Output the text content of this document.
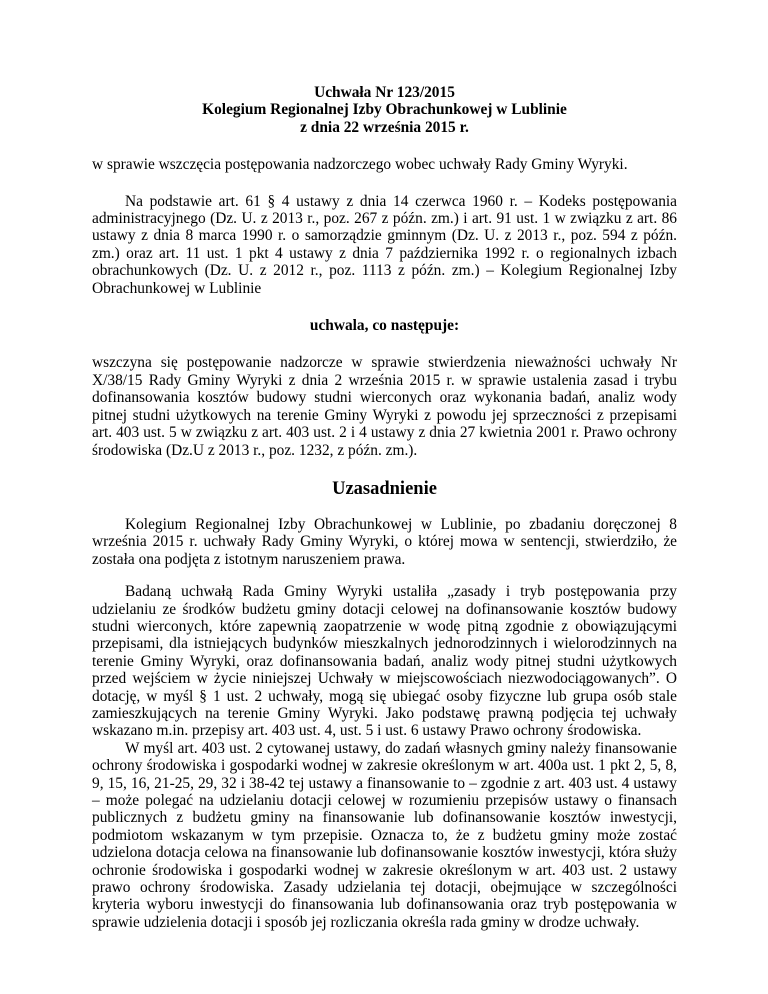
Uchwała Nr 123/2015
Kolegium Regionalnej Izby Obrachunkowej w Lublinie
z dnia 22 września 2015 r.

w sprawie wszczęcia postępowania nadzorczego wobec uchwały Rady Gminy Wyryki.

Na podstawie art. 61 § 4 ustawy z dnia 14 czerwca 1960 r. – Kodeks postępowania administracyjnego (Dz. U. z 2013 r., poz. 267 z późn. zm.) i art. 91 ust. 1 w związku z art. 86 ustawy z dnia 8 marca 1990 r. o samorządzie gminnym (Dz. U. z 2013 r., poz. 594 z późn. zm.) oraz art. 11 ust. 1 pkt 4 ustawy z dnia 7 października 1992 r. o regionalnych izbach obrachunkowych (Dz. U. z 2012 r., poz. 1113 z późn. zm.) – Kolegium Regionalnej Izby Obrachunkowej w Lublinie

uchwala, co następuje:

wszczyna się postępowanie nadzorcze w sprawie stwierdzenia nieważności uchwały Nr X/38/15 Rady Gminy Wyryki z dnia 2 września 2015 r. w sprawie ustalenia zasad i trybu dofinansowania kosztów budowy studni wierconych oraz wykonania badań, analiz wody pitnej studni użytkowych na terenie Gminy Wyryki z powodu jej sprzeczności z przepisami art. 403 ust. 5 w związku z art. 403 ust. 2 i 4 ustawy z dnia 27 kwietnia 2001 r. Prawo ochrony środowiska (Dz.U z 2013 r., poz. 1232, z późn. zm.).

Uzasadnienie

Kolegium Regionalnej Izby Obrachunkowej w Lublinie, po zbadaniu doręczonej 8 września 2015 r. uchwały Rady Gminy Wyryki, o której mowa w sentencji, stwierdziło, że została ona podjęta z istotnym naruszeniem prawa.

Badaną uchwałą Rada Gminy Wyryki ustaliła „zasady i tryb postępowania przy udzielaniu ze środków budżetu gminy dotacji celowej na dofinansowanie kosztów budowy studni wierconych, które zapewnią zaopatrzenie w wodę pitną zgodnie z obowiązującymi przepisami, dla istniejących budynków mieszkalnych jednorodzinnych i wielorodzinnych na terenie Gminy Wyryki, oraz dofinansowania badań, analiz wody pitnej studni użytkowych przed wejściem w życie niniejszej Uchwały w miejscowościach niezwodociągowanych”. O dotację, w myśl § 1 ust. 2 uchwały, mogą się ubiegać osoby fizyczne lub grupa osób stale zamieszkujących na terenie Gminy Wyryki. Jako podstawę prawną podjęcia tej uchwały wskazano m.in. przepisy art. 403 ust. 4, ust. 5 i ust. 6 ustawy Prawo ochrony środowiska.

W myśl art. 403 ust. 2 cytowanej ustawy, do zadań własnych gminy należy finansowanie ochrony środowiska i gospodarki wodnej w zakresie określonym w art. 400a ust. 1 pkt 2, 5, 8, 9, 15, 16, 21-25, 29, 32 i 38-42 tej ustawy a finansowanie to – zgodnie z art. 403 ust. 4 ustawy – może polegać na udzielaniu dotacji celowej w rozumieniu przepisów ustawy o finansach publicznych z budżetu gminy na finansowanie lub dofinansowanie kosztów inwestycji, podmiotom wskazanym w tym przepisie. Oznacza to, że z budżetu gminy może zostać udzielona dotacja celowa na finansowanie lub dofinansowanie kosztów inwestycji, która służy ochronie środowiska i gospodarki wodnej w zakresie określonym w art. 403 ust. 2 ustawy prawo ochrony środowiska. Zasady udzielania tej dotacji, obejmujące w szczególności kryteria wyboru inwestycji do finansowania lub dofinansowania oraz tryb postępowania w sprawie udzielenia dotacji i sposób jej rozliczania określa rada gminy w drodze uchwały.
